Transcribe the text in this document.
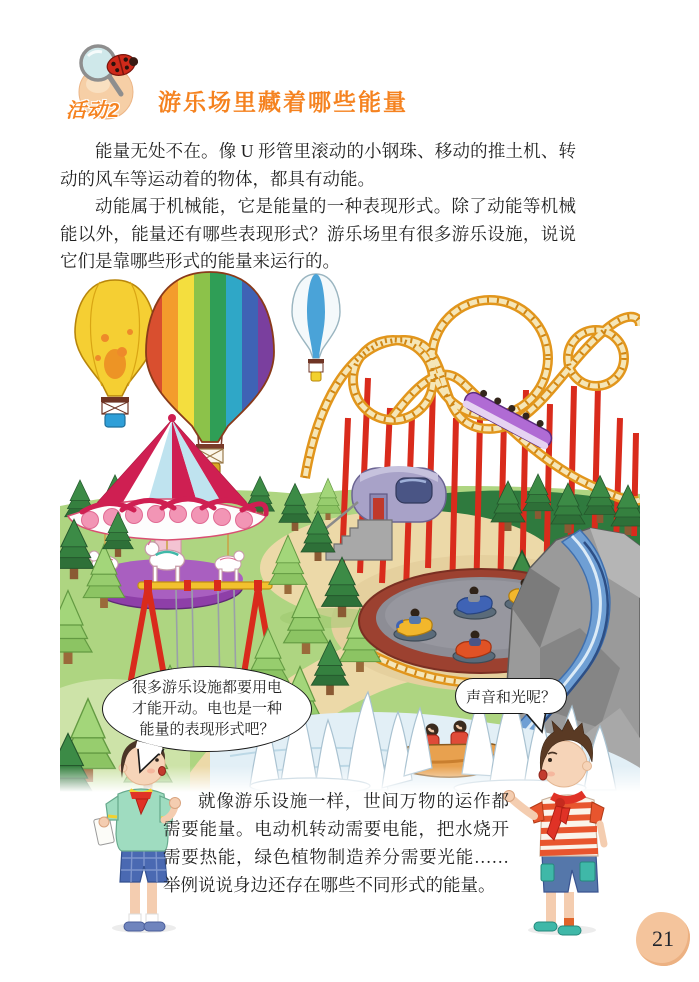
活动2 游乐场里藏着哪些能量

能量无处不在。像 U 形管里滚动的小钢珠、移动的推土机、转动的风车等运动着的物体，都具有动能。

动能属于机械能，它是能量的一种表现形式。除了动能等机械能以外，能量还有哪些表现形式？游乐场里有很多游乐设施，说说它们是靠哪些形式的能量来运行的。

很多游乐设施都要用电才能开动。电也是一种能量的表现形式吧？
声音和光呢？

就像游乐设施一样，世间万物的运作都需要能量。电动机转动需要电能，把水烧开需要热能，绿色植物制造养分需要光能……举例说说身边还存在哪些不同形式的能量。

21
